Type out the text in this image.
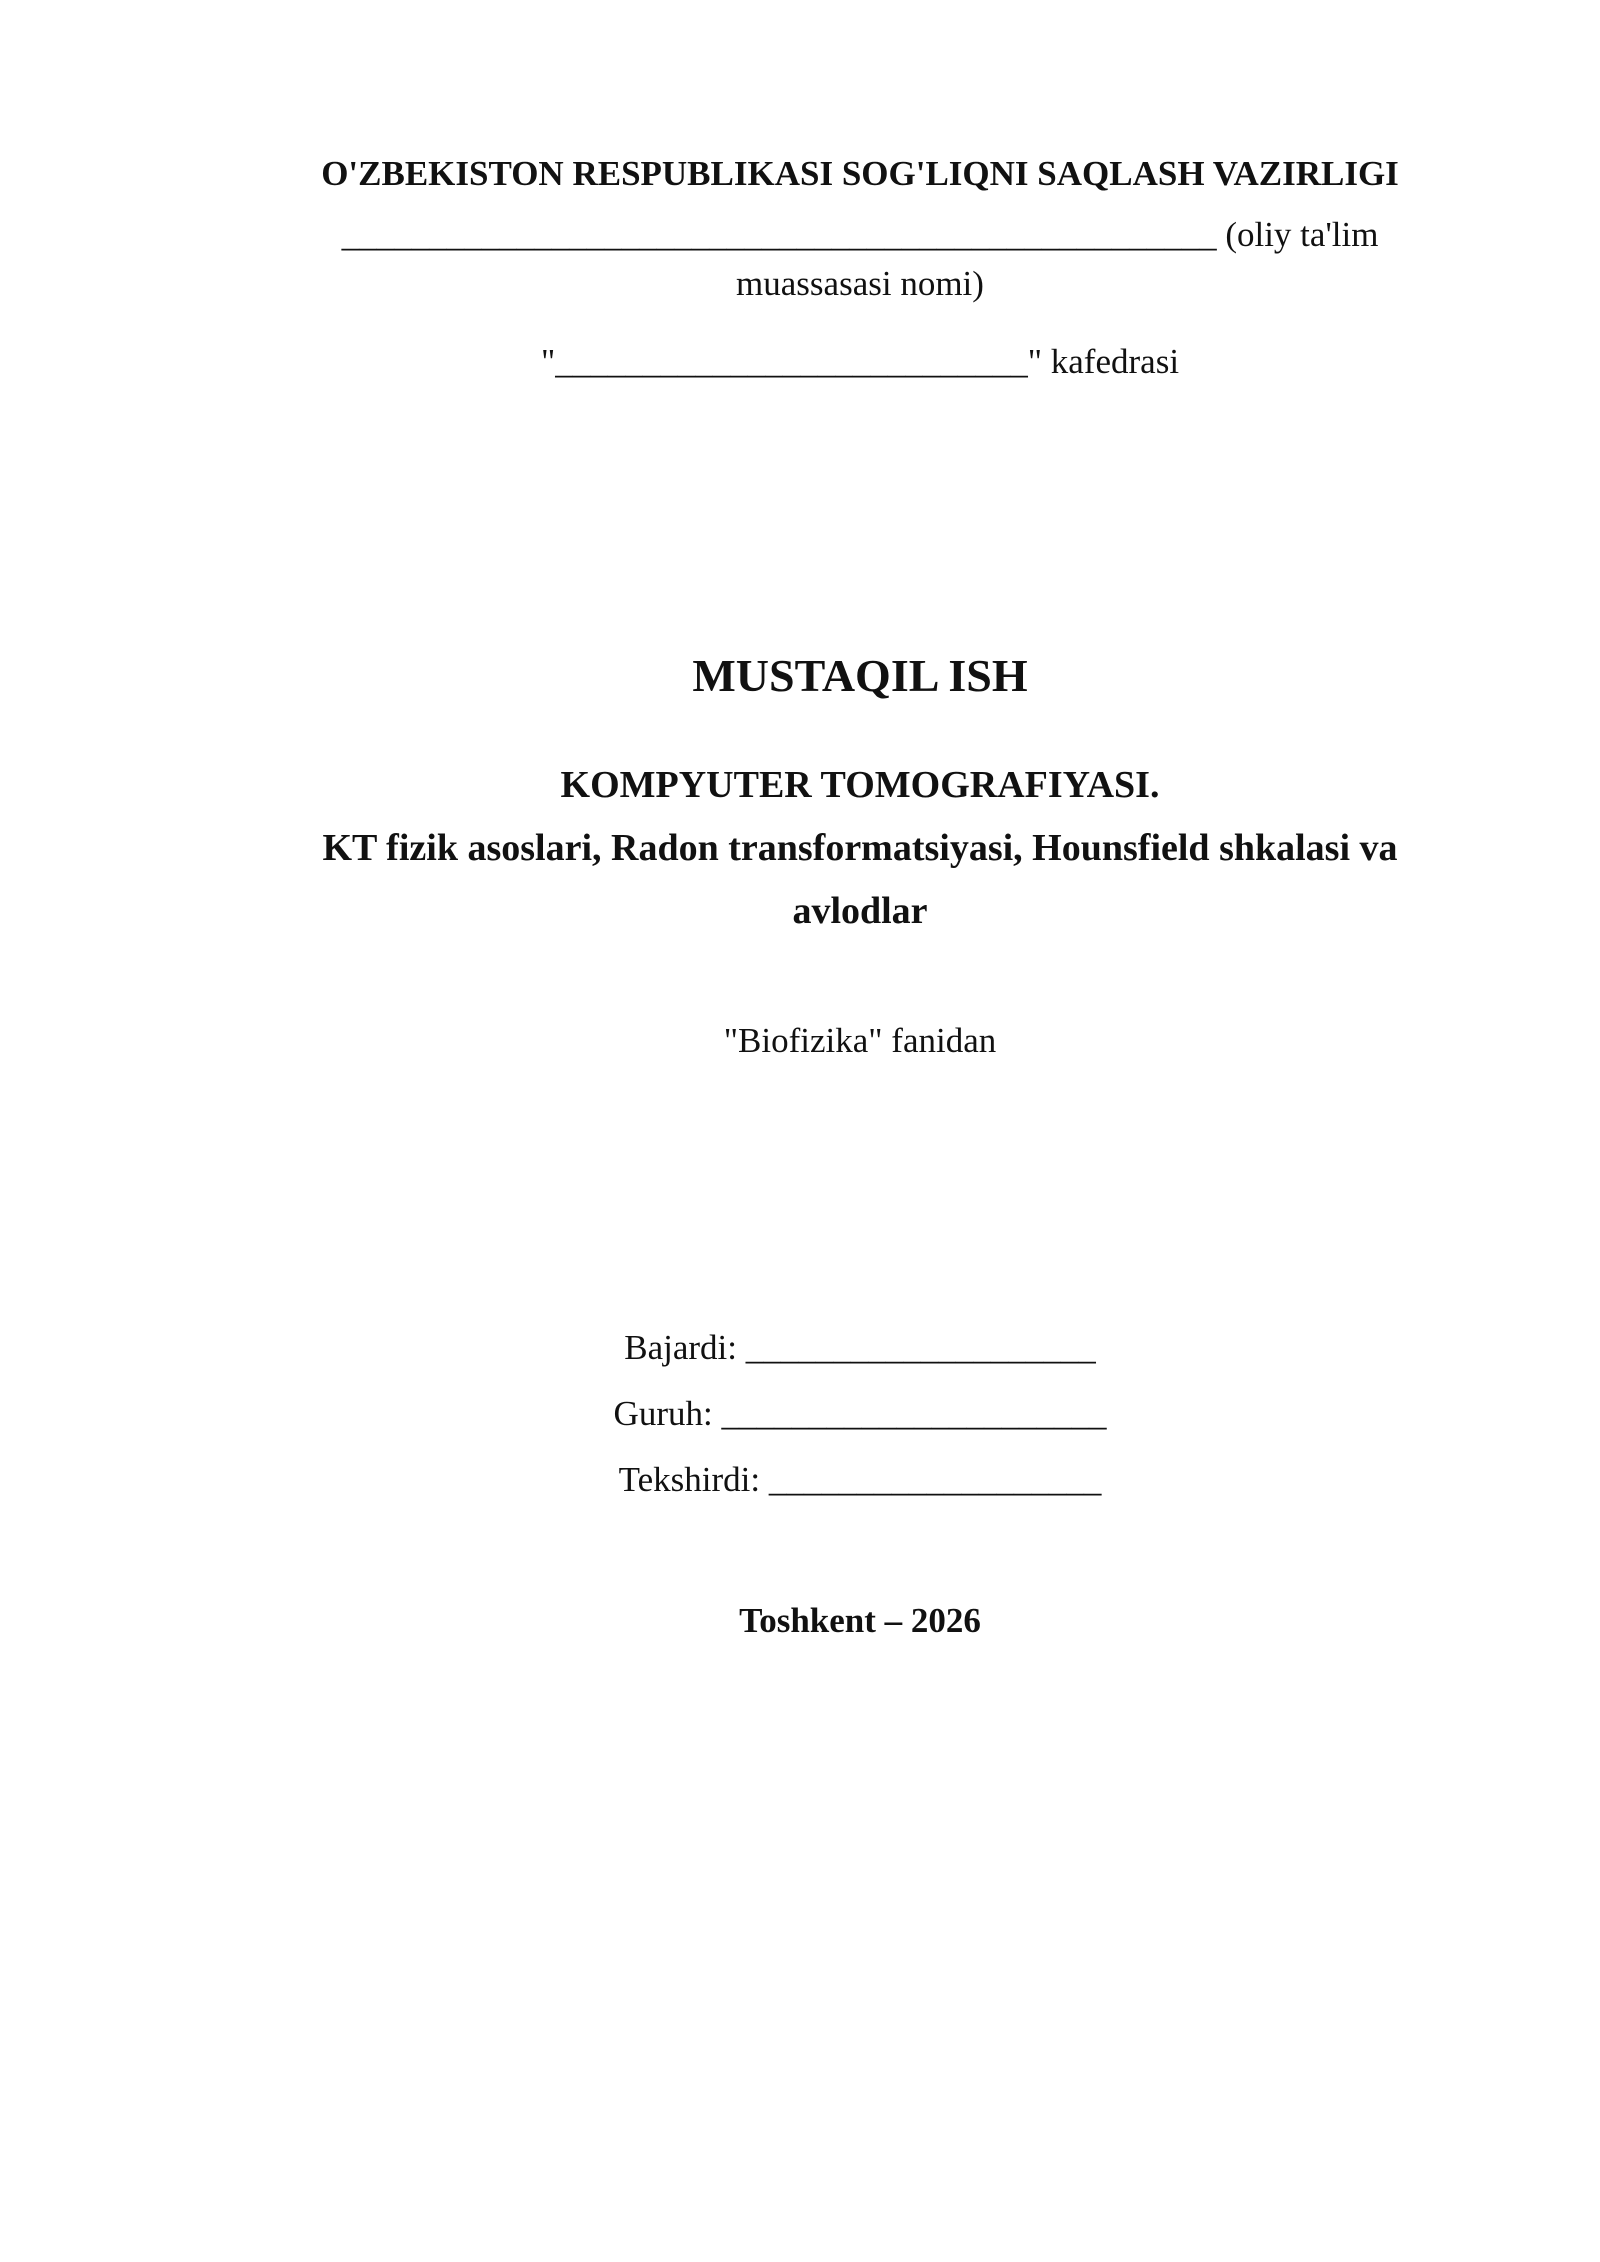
O'ZBEKISTON RESPUBLIKASI SOG'LIQNI SAQLASH VAZIRLIGI
__________________________________________________ (oliy ta'lim
muassasasi nomi)
"___________________________" kafedrasi
MUSTAQIL ISH
KOMPYUTER TOMOGRAFIYASI.
KT fizik asoslari, Radon transformatsiyasi, Hounsfield shkalasi va
avlodlar
"Biofizika" fanidan
Bajardi: ____________________
Guruh: ______________________
Tekshirdi: ___________________
Toshkent – 2026
